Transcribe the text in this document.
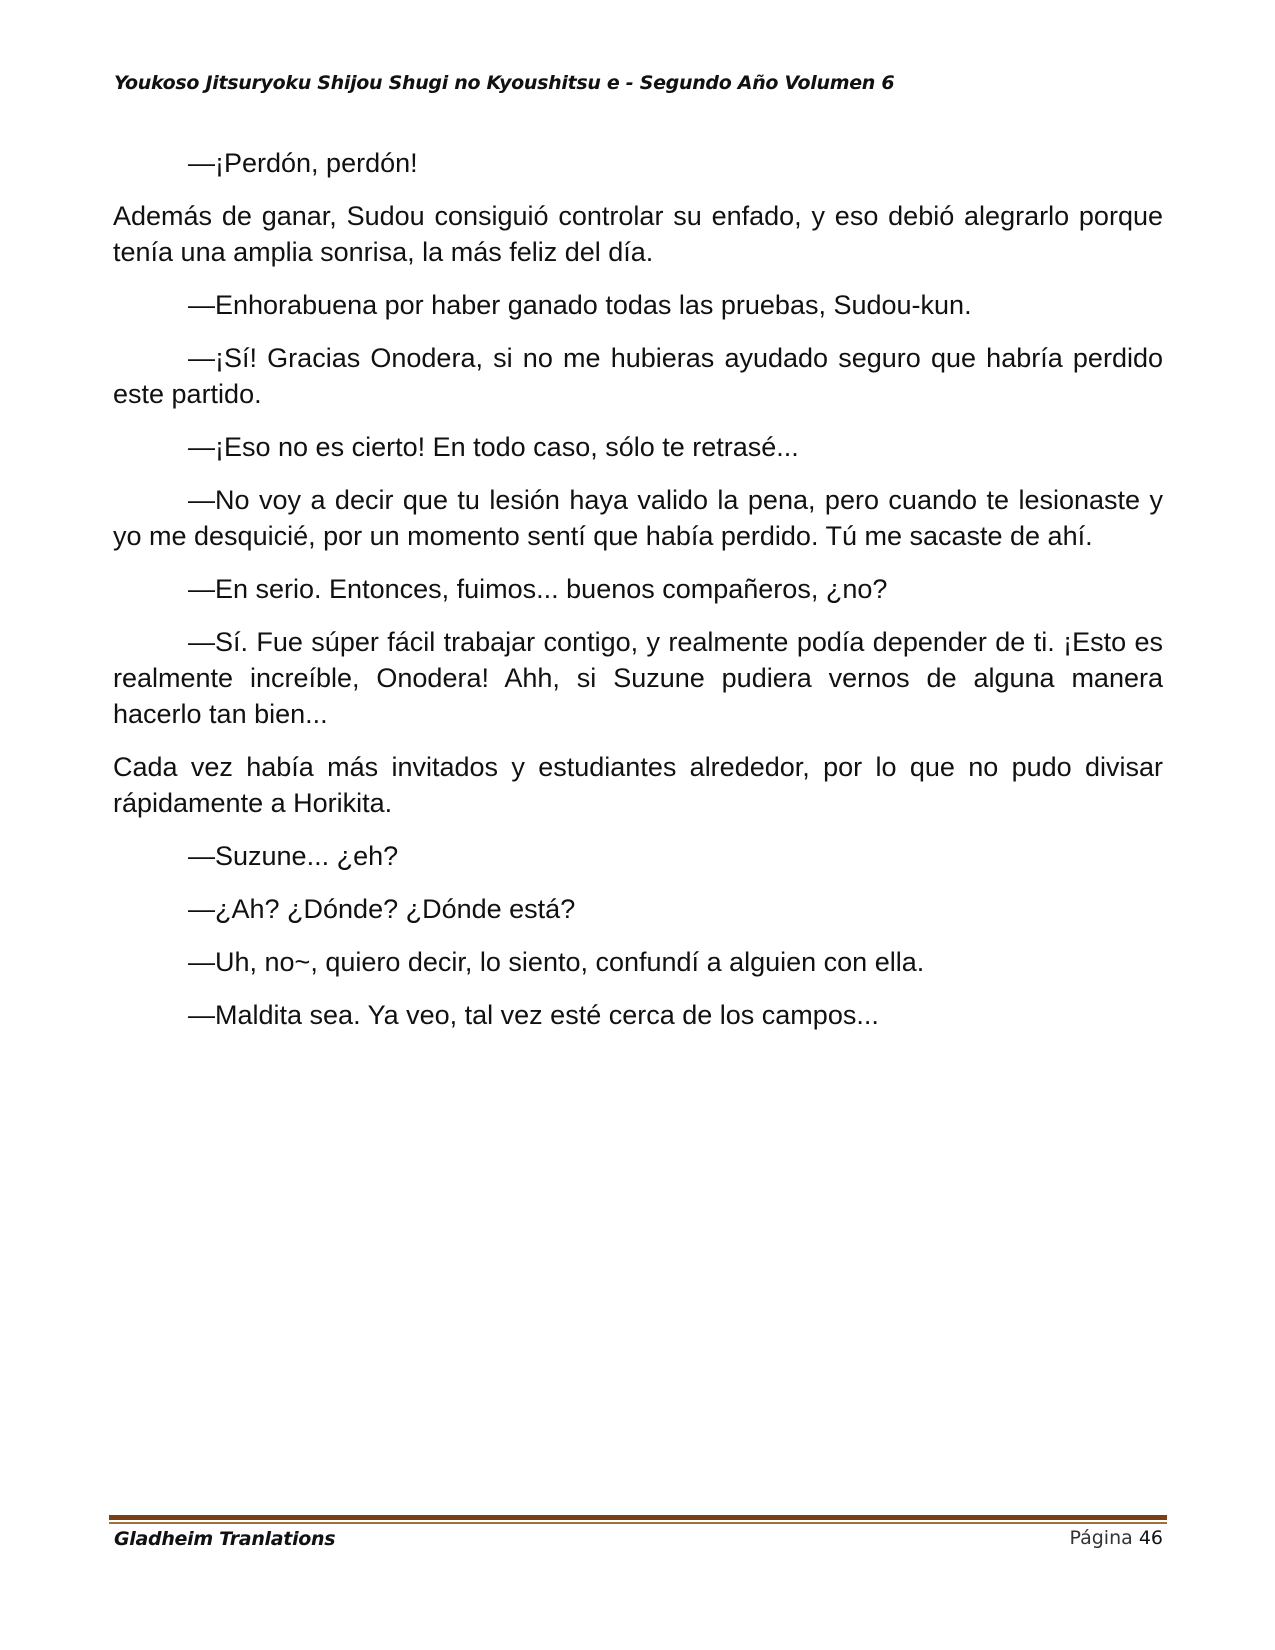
Youkoso Jitsuryoku Shijou Shugi no Kyoushitsu e - Segundo Año Volumen 6

—¡Perdón, perdón!

Además de ganar, Sudou consiguió controlar su enfado, y eso debió alegrarlo porque tenía una amplia sonrisa, la más feliz del día.

—Enhorabuena por haber ganado todas las pruebas, Sudou-kun.

—¡Sí! Gracias Onodera, si no me hubieras ayudado seguro que habría perdido este partido.

—¡Eso no es cierto! En todo caso, sólo te retrasé...

—No voy a decir que tu lesión haya valido la pena, pero cuando te lesionaste y yo me desquicié, por un momento sentí que había perdido. Tú me sacaste de ahí.

—En serio. Entonces, fuimos... buenos compañeros, ¿no?

—Sí. Fue súper fácil trabajar contigo, y realmente podía depender de ti. ¡Esto es realmente increíble, Onodera! Ahh, si Suzune pudiera vernos de alguna manera hacerlo tan bien...

Cada vez había más invitados y estudiantes alrededor, por lo que no pudo divisar rápidamente a Horikita.

—Suzune... ¿eh?

—¿Ah? ¿Dónde? ¿Dónde está?

—Uh, no~, quiero decir, lo siento, confundí a alguien con ella.

—Maldita sea. Ya veo, tal vez esté cerca de los campos...

Gladheim Tranlations	Página 46
